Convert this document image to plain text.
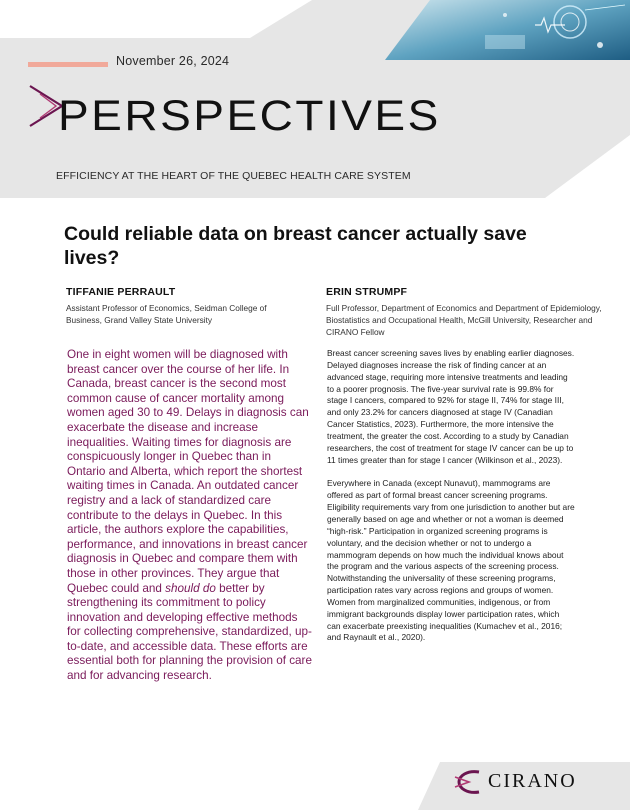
November 26, 2024
PERSPECTIVES
EFFICIENCY AT THE HEART OF THE QUEBEC HEALTH CARE SYSTEM
Could reliable data on breast cancer actually save lives?
TIFFANIE PERRAULT
Assistant Professor of Economics, Seidman College of Business, Grand Valley State University
ERIN STRUMPF
Full Professor, Department of Economics and Department of Epidemiology, Biostatistics and Occupational Health, McGill University, Researcher and CIRANO Fellow
One in eight women will be diagnosed with breast cancer over the course of her life. In Canada, breast cancer is the second most common cause of cancer mortality among women aged 30 to 49. Delays in diagnosis can exacerbate the disease and increase inequalities. Waiting times for diagnosis are conspicuously longer in Quebec than in Ontario and Alberta, which report the shortest waiting times in Canada. An outdated cancer registry and a lack of standardized care contribute to the delays in Quebec. In this article, the authors explore the capabilities, performance, and innovations in breast cancer diagnosis in Quebec and compare them with those in other provinces. They argue that Quebec could and should do better by strengthening its commitment to policy innovation and developing effective methods for collecting comprehensive, standardized, up-to-date, and accessible data. These efforts are essential both for planning the provision of care and for advancing research.

Breast cancer screening saves lives by enabling earlier diagnoses. Delayed diagnoses increase the risk of finding cancer at an advanced stage, requiring more intensive treatments and leading to a poorer prognosis. The five-year survival rate is 99.8% for stage I cancers, compared to 92% for stage II, 74% for stage III, and only 23.2% for cancers diagnosed at stage IV (Canadian Cancer Statistics, 2023). Furthermore, the more intensive the treatment, the greater the cost. According to a study by Canadian researchers, the cost of treatment for stage IV cancer can be up to 11 times greater than for stage I cancer (Wilkinson et al., 2023).

Everywhere in Canada (except Nunavut), mammograms are offered as part of formal breast cancer screening programs. Eligibility requirements vary from one jurisdiction to another but are generally based on age and whether or not a woman is deemed “high-risk.” Participation in organized screening programs is voluntary, and the decision whether or not to undergo a mammogram depends on how much the individual knows about the program and the various aspects of the screening process. Notwithstanding the universality of these screening programs, participation rates vary across regions and groups of women. Women from marginalized communities, indigenous, or from immigrant backgrounds display lower participation rates, which can exacerbate preexisting inequalities (Kumachev et al., 2016; and Raynault et al., 2020).

CIRANO
